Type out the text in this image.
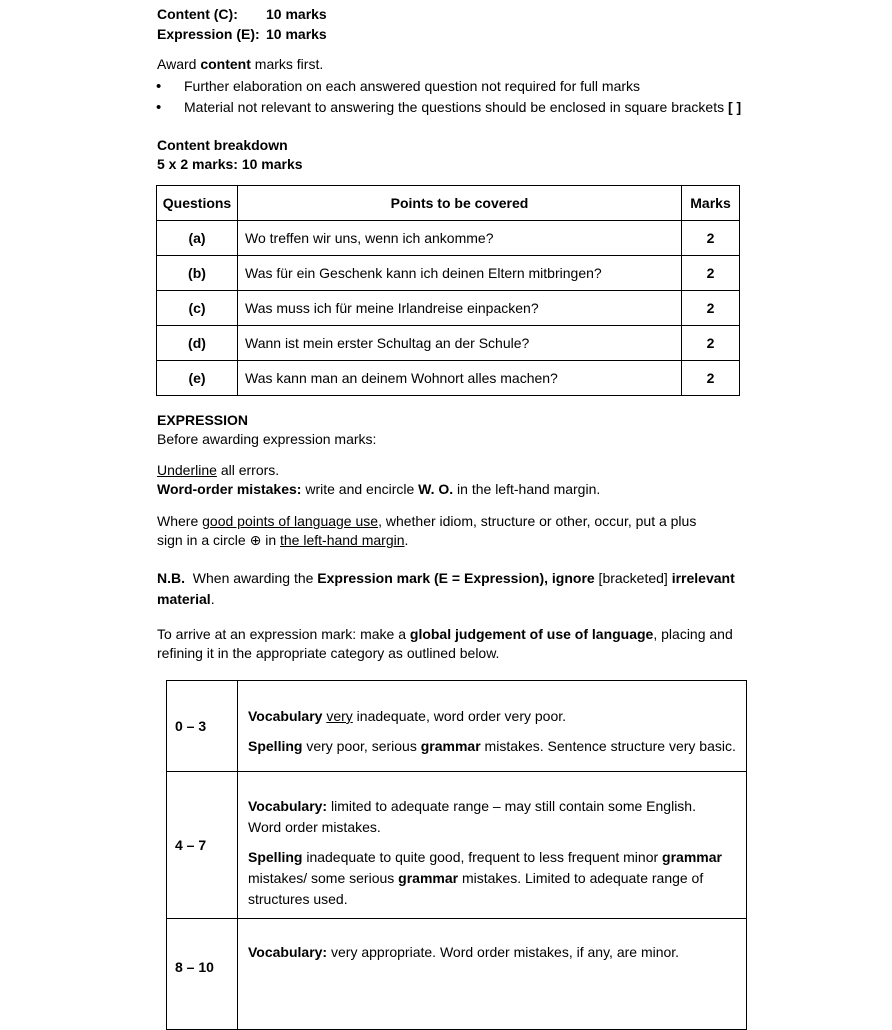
Content (C): 10 marks
Expression (E): 10 marks
Award content marks first.
• Further elaboration on each answered question not required for full marks
• Material not relevant to answering the questions should be enclosed in square brackets [ ]
Content breakdown
5 x 2 marks: 10 marks
Questions	Points to be covered	Marks
(a)	Wo treffen wir uns, wenn ich ankomme?	2
(b)	Was für ein Geschenk kann ich deinen Eltern mitbringen?	2
(c)	Was muss ich für meine Irlandreise einpacken?	2
(d)	Wann ist mein erster Schultag an der Schule?	2
(e)	Was kann man an deinem Wohnort alles machen?	2
EXPRESSION
Before awarding expression marks:
Underline all errors.
Word-order mistakes: write and encircle W. O. in the left-hand margin.
Where good points of language use, whether idiom, structure or other, occur, put a plus
sign in a circle ⊕ in the left-hand margin.
N.B.  When awarding the Expression mark (E = Expression), ignore [bracketed] irrelevant
material.
To arrive at an expression mark: make a global judgement of use of language, placing and
refining it in the appropriate category as outlined below.
0 – 3	Vocabulary very inadequate, word order very poor.

Spelling very poor, serious grammar mistakes. Sentence structure very basic.

4 – 7	Vocabulary: limited to adequate range – may still contain some English.
Word order mistakes.

Spelling inadequate to quite good, frequent to less frequent minor grammar mistakes/ some serious grammar mistakes. Limited to adequate range of structures used.

8 – 10	Vocabulary: very appropriate. Word order mistakes, if any, are minor.
